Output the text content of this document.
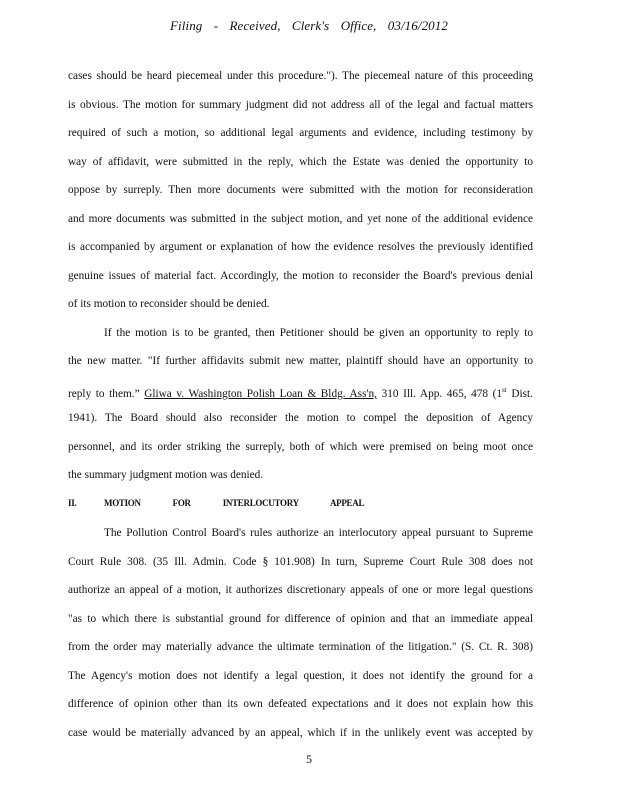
Filing - Received, Clerk's Office, 03/16/2012
cases should be heard piecemeal under this procedure."). The piecemeal nature of this proceeding
is obvious. The motion for summary judgment did not address all of the legal and factual matters
required of such a motion, so additional legal arguments and evidence, including testimony by
way of affidavit, were submitted in the reply, which the Estate was denied the opportunity to
oppose by surreply. Then more documents were submitted with the motion for reconsideration
and more documents was submitted in the subject motion, and yet none of the additional evidence
is accompanied by argument or explanation of how the evidence resolves the previously identified
genuine issues of material fact. Accordingly, the motion to reconsider the Board's previous denial
of its motion to reconsider should be denied.
If the motion is to be granted, then Petitioner should be given an opportunity to reply to
the new matter. "If further affidavits submit new matter, plaintiff should have an opportunity to
reply to them.” Gliwa v. Washington Polish Loan & Bldg. Ass'n, 310 Ill. App. 465, 478 (1st Dist.
1941). The Board should also reconsider the motion to compel the deposition of Agency
personnel, and its order striking the surreply, both of which were premised on being moot once
the summary judgment motion was denied.
II.	MOTION FOR INTERLOCUTORY APPEAL
The Pollution Control Board's rules authorize an interlocutory appeal pursuant to Supreme
Court Rule 308. (35 Ill. Admin. Code § 101.908) In turn, Supreme Court Rule 308 does not
authorize an appeal of a motion, it authorizes discretionary appeals of one or more legal questions
"as to which there is substantial ground for difference of opinion and that an immediate appeal
from the order may materially advance the ultimate termination of the litigation." (S. Ct. R. 308)
The Agency's motion does not identify a legal question, it does not identify the ground for a
difference of opinion other than its own defeated expectations and it does not explain how this
case would be materially advanced by an appeal, which if in the unlikely event was accepted by
5
